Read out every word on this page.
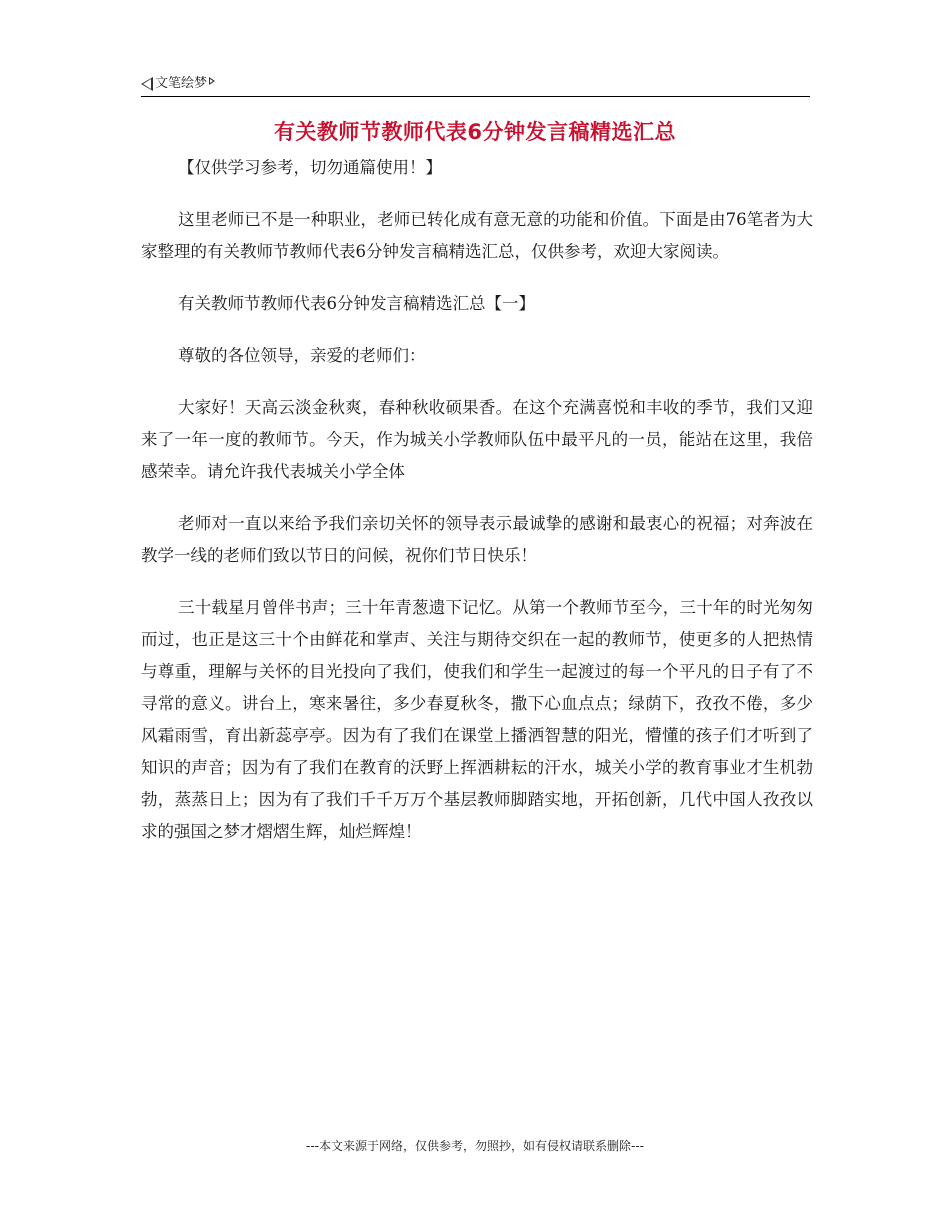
文笔绘梦
有关教师节教师代表6分钟发言稿精选汇总

【仅供学习参考，切勿通篇使用！】

这里老师已不是一种职业，老师已转化成有意无意的功能和价值。下面是由76笔者为大家整理的有关教师节教师代表6分钟发言稿精选汇总，仅供参考，欢迎大家阅读。

有关教师节教师代表6分钟发言稿精选汇总【一】

尊敬的各位领导，亲爱的老师们：

大家好！天高云淡金秋爽，春种秋收硕果香。在这个充满喜悦和丰收的季节，我们又迎来了一年一度的教师节。今天，作为城关小学教师队伍中最平凡的一员，能站在这里，我倍感荣幸。请允许我代表城关小学全体

老师对一直以来给予我们亲切关怀的领导表示最诚挚的感谢和最衷心的祝福；对奔波在教学一线的老师们致以节日的问候，祝你们节日快乐！

三十载星月曾伴书声；三十年青葱遗下记忆。从第一个教师节至今，三十年的时光匆匆而过，也正是这三十个由鲜花和掌声、关注与期待交织在一起的教师节，使更多的人把热情与尊重，理解与关怀的目光投向了我们，使我们和学生一起渡过的每一个平凡的日子有了不寻常的意义。讲台上，寒来暑往，多少春夏秋冬，撒下心血点点；绿荫下，孜孜不倦，多少风霜雨雪，育出新蕊亭亭。因为有了我们在课堂上播洒智慧的阳光，懵懂的孩子们才听到了知识的声音；因为有了我们在教育的沃野上挥洒耕耘的汗水，城关小学的教育事业才生机勃勃，蒸蒸日上；因为有了我们千千万万个基层教师脚踏实地，开拓创新，几代中国人孜孜以求的强国之梦才熠熠生辉，灿烂辉煌！

---本文来源于网络，仅供参考，勿照抄，如有侵权请联系删除---
